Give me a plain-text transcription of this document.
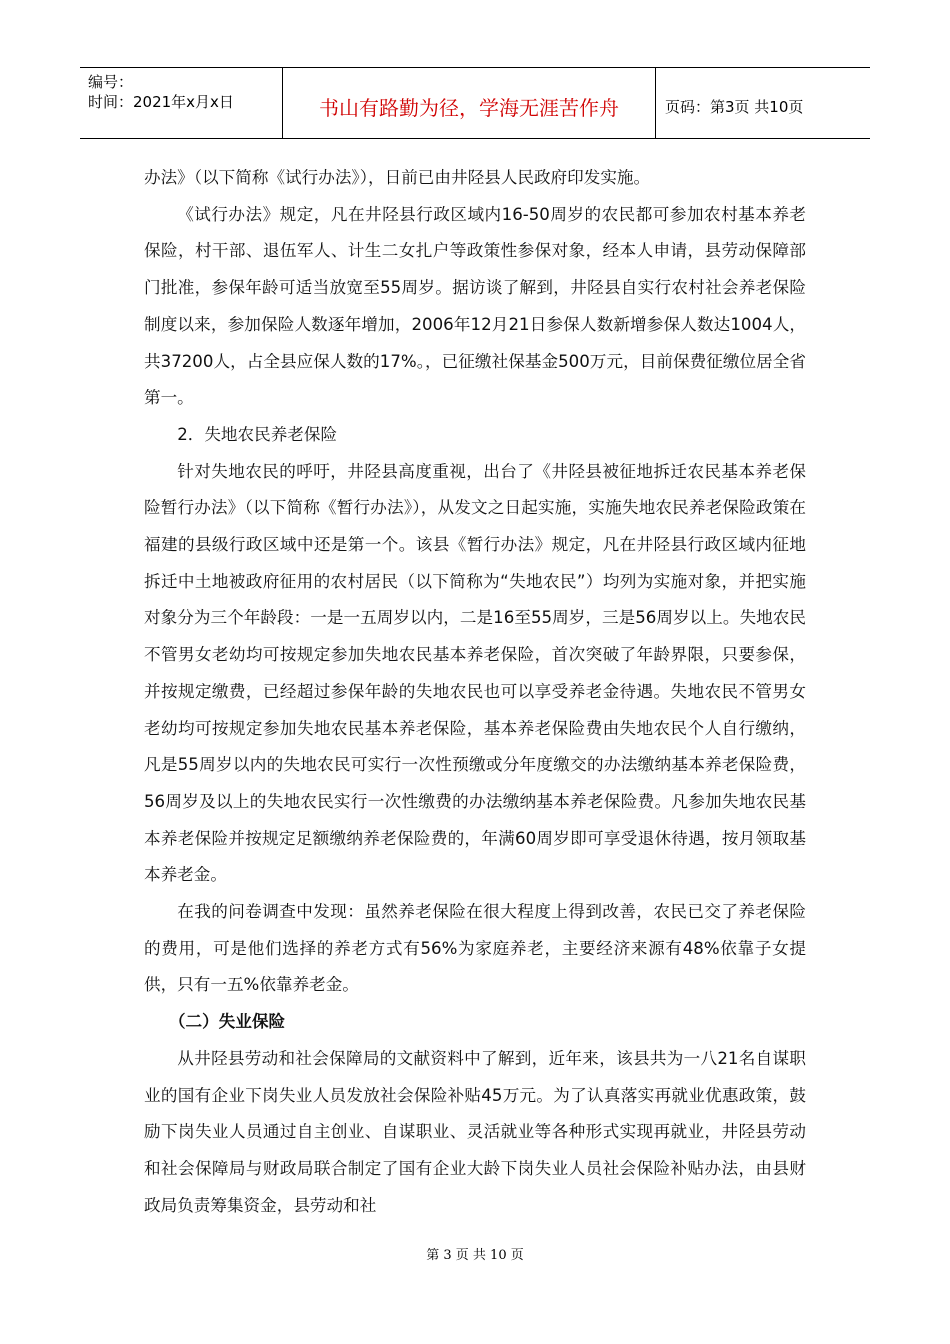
编号：
时间：2021年x月x日	书山有路勤为径，学海无涯苦作舟	页码：第3页 共10页

办法》（以下简称《试行办法》），日前已由井陉县人民政府印发实施。

《试行办法》规定，凡在井陉县行政区域内16-50周岁的农民都可参加农村基本养老保险，村干部、退伍军人、计生二女扎户等政策性参保对象，经本人申请，县劳动保障部门批准，参保年龄可适当放宽至55周岁。据访谈了解到，井陉县自实行农村社会养老保险制度以来，参加保险人数逐年增加，2006年12月21日参保人数新增参保人数达1004人，共37200人，占全县应保人数的17%。，已征缴社保基金500万元，目前保费征缴位居全省第一。

2．失地农民养老保险

针对失地农民的呼吁，井陉县高度重视，出台了《井陉县被征地拆迁农民基本养老保险暂行办法》（以下简称《暂行办法》），从发文之日起实施，实施失地农民养老保险政策在福建的县级行政区域中还是第一个。该县《暂行办法》规定，凡在井陉县行政区域内征地拆迁中土地被政府征用的农村居民（以下简称为“失地农民”）均列为实施对象，并把实施对象分为三个年龄段：一是一五周岁以内，二是16至55周岁，三是56周岁以上。失地农民不管男女老幼均可按规定参加失地农民基本养老保险，首次突破了年龄界限，只要参保，并按规定缴费，已经超过参保年龄的失地农民也可以享受养老金待遇。失地农民不管男女老幼均可按规定参加失地农民基本养老保险，基本养老保险费由失地农民个人自行缴纳，凡是55周岁以内的失地农民可实行一次性预缴或分年度缴交的办法缴纳基本养老保险费，56周岁及以上的失地农民实行一次性缴费的办法缴纳基本养老保险费。凡参加失地农民基本养老保险并按规定足额缴纳养老保险费的，年满60周岁即可享受退休待遇，按月领取基本养老金。

在我的问卷调查中发现：虽然养老保险在很大程度上得到改善，农民已交了养老保险的费用，可是他们选择的养老方式有56%为家庭养老，主要经济来源有48%依靠子女提供，只有一五%依靠养老金。

（二）失业保险

从井陉县劳动和社会保障局的文献资料中了解到，近年来，该县共为一八21名自谋职业的国有企业下岗失业人员发放社会保险补贴45万元。为了认真落实再就业优惠政策，鼓励下岗失业人员通过自主创业、自谋职业、灵活就业等各种形式实现再就业，井陉县劳动和社会保障局与财政局联合制定了国有企业大龄下岗失业人员社会保险补贴办法，由县财政局负责筹集资金，县劳动和社

第 3 页 共 10 页
